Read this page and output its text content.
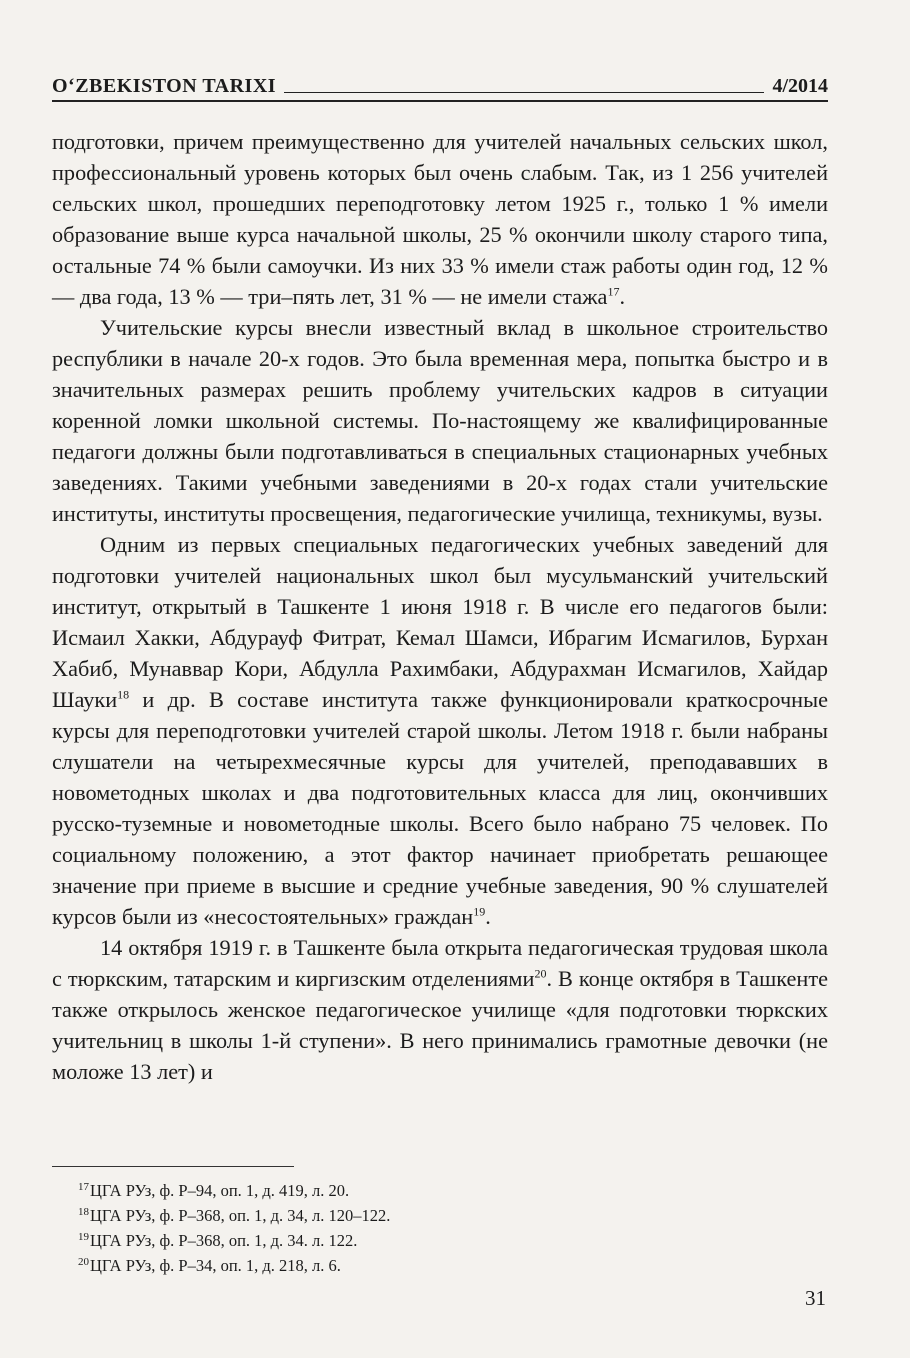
O‘ZBEKISTON TARIXI	4/2014

подготовки, причем преимущественно для учителей начальных сельских школ, профессиональный уровень которых был очень слабым. Так, из 1 256 учителей сельских школ, прошедших переподготовку летом 1925 г., только 1 % имели образование выше курса начальной школы, 25 % окончили школу старого типа, остальные 74 % были самоучки. Из них 33 % имели стаж работы один год, 12 % — два года, 13 % — три–пять лет, 31 % — не имели стажа$^{17}$.

Учительские курсы внесли известный вклад в школьное строительство республики в начале 20-х годов. Это была временная мера, попытка быстро и в значительных размерах решить проблему учительских кадров в ситуации коренной ломки школьной системы. По-настоящему же квалифицированные педагоги должны были подготавливаться в специальных стационарных учебных заведениях. Такими учебными заведениями в 20-х годах стали учительские институты, институты просвещения, педагогические училища, техникумы, вузы.

Одним из первых специальных педагогических учебных заведений для подготовки учителей национальных школ был мусульманский учительский институт, открытый в Ташкенте 1 июня 1918 г. В числе его педагогов были: Исмаил Хакки, Абдурауф Фитрат, Кемал Шамси, Ибрагим Исмагилов, Бурхан Хабиб, Мунаввар Кори, Абдулла Рахимбаки, Абдурахман Исмагилов, Хайдар Шауки$^{18}$ и др. В составе института также функционировали краткосрочные курсы для переподготовки учителей старой школы. Летом 1918 г. были набраны слушатели на четырехмесячные курсы для учителей, преподававших в новометодных школах и два подготовительных класса для лиц, окончивших русско-туземные и новометодные школы. Всего было набрано 75 человек. По социальному положению, а этот фактор начинает приобретать решающее значение при приеме в высшие и средние учебные заведения, 90 % слушателей курсов были из «несостоятельных» граждан$^{19}$.

14 октября 1919 г. в Ташкенте была открыта педагогическая трудовая школа с тюркским, татарским и киргизским отделениями$^{20}$. В конце октября в Ташкенте также открылось женское педагогическое училище «для подготовки тюркских учительниц в школы 1-й ступени». В него принимались грамотные девочки (не моложе 13 лет) и

$^{17}$ЦГА РУз, ф. Р–94, оп. 1, д. 419, л. 20.
$^{18}$ЦГА РУз, ф. Р–368, оп. 1, д. 34, л. 120–122.
$^{19}$ЦГА РУз, ф. Р–368, оп. 1, д. 34. л. 122.
$^{20}$ЦГА РУз, ф. Р–34, оп. 1, д. 218, л. 6.
31
